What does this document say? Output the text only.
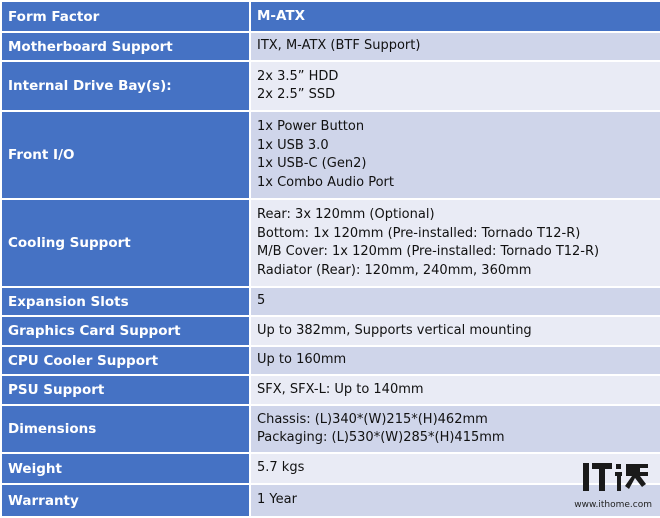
Form Factor	M-ATX

Motherboard Support	ITX, M-ATX (BTF Support)

Internal Drive Bay(s):	2x 3.5” HDD
2x 2.5” SSD

Front I/O	1x Power Button
1x USB 3.0
1x USB-C (Gen2)
1x Combo Audio Port

Cooling Support	Rear: 3x 120mm (Optional)
Bottom: 1x 120mm (Pre-installed: Tornado T12-R)
M/B Cover: 1x 120mm (Pre-installed: Tornado T12-R)
Radiator (Rear): 120mm, 240mm, 360mm

Expansion Slots	5

Graphics Card Support	Up to 382mm, Supports vertical mounting

CPU Cooler Support	Up to 160mm

PSU Support	SFX, SFX-L: Up to 140mm

Dimensions	Chassis: (L)340*(W)215*(H)462mm
Packaging: (L)530*(W)285*(H)415mm

Weight	5.7 kgs

Warranty	1 Year	www.ithome.com
